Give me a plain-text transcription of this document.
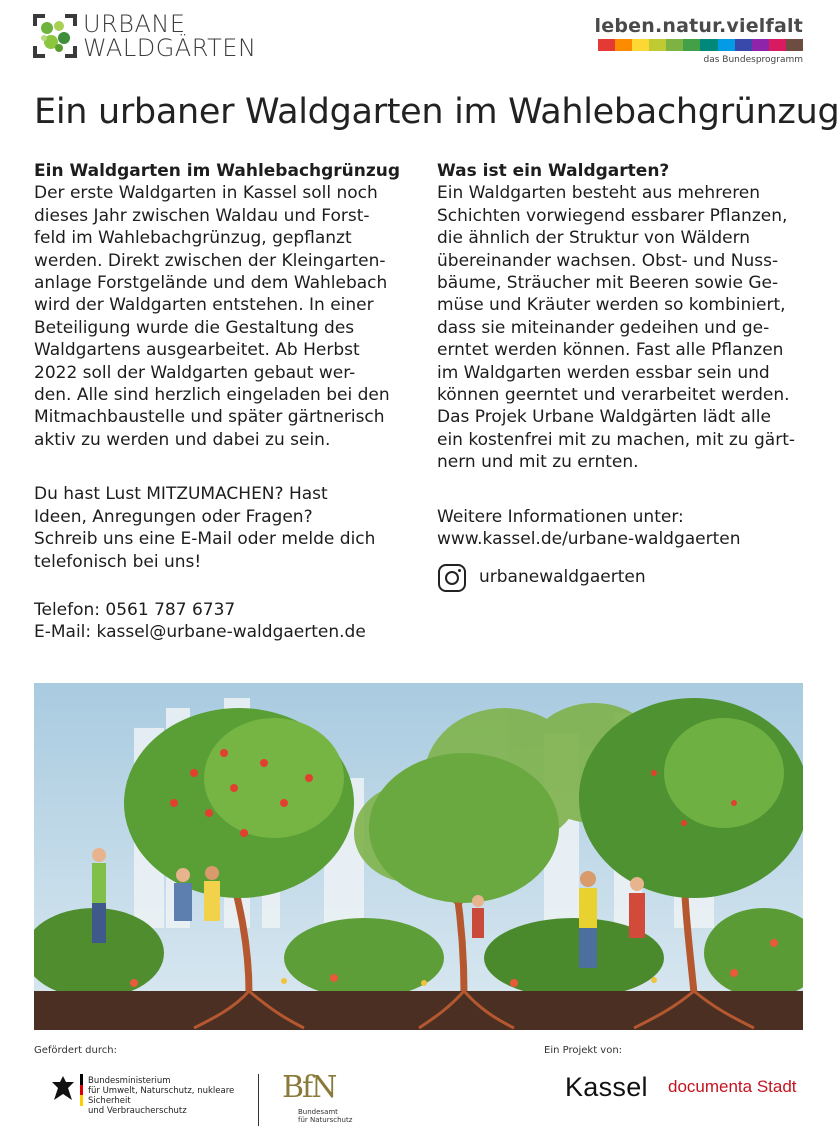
URBANE
WALDGÄRTEN
leben.natur.vielfalt
das Bundesprogramm
Ein urbaner Waldgarten im Wahlebachgrünzug
Ein Waldgarten im Wahlebachgrünzug

Der erste Waldgarten in Kassel soll noch

dieses Jahr zwischen Waldau und Forst-

feld im Wahlebachgrünzug, gepflanzt

werden. Direkt zwischen der Kleingarten-

anlage Forstgelände und dem Wahlebach

wird der Waldgarten entstehen. In einer

Beteiligung wurde die Gestaltung des

Waldgartens ausgearbeitet. Ab Herbst

2022 soll der Waldgarten gebaut wer-

den. Alle sind herzlich eingeladen bei den

Mitmachbaustelle und später gärtnerisch

aktiv zu werden und dabei zu sein.

Du hast Lust MITZUMACHEN? Hast

Ideen, Anregungen oder Fragen?

Schreib uns eine E-Mail oder melde dich

telefonisch bei uns!

Telefon: 0561 787 6737

E-Mail: kassel@urbane-waldgaerten.de

Was ist ein Waldgarten?

Ein Waldgarten besteht aus mehreren

Schichten vorwiegend essbarer Pflanzen,

die ähnlich der Struktur von Wäldern

übereinander wachsen. Obst- und Nuss-

bäume, Sträucher mit Beeren sowie Ge-

müse und Kräuter werden so kombiniert,

dass sie miteinander gedeihen und ge-

erntet werden können. Fast alle Pflanzen

im Waldgarten werden essbar sein und

können geerntet und verarbeitet werden.

Das Projek Urbane Waldgärten lädt alle

ein kostenfrei mit zu machen, mit zu gärt-

nern und mit zu ernten.

Weitere Informationen unter:

www.kassel.de/urbane-waldgaerten

urbanewaldgaerten
Gefördert durch:
Bundesministerium
für Umwelt, Naturschutz, nukleare Sicherheit
und Verbraucherschutz
BfN
Bundesamt
für Naturschutz
Ein Projekt von:
Kassel documenta Stadt
